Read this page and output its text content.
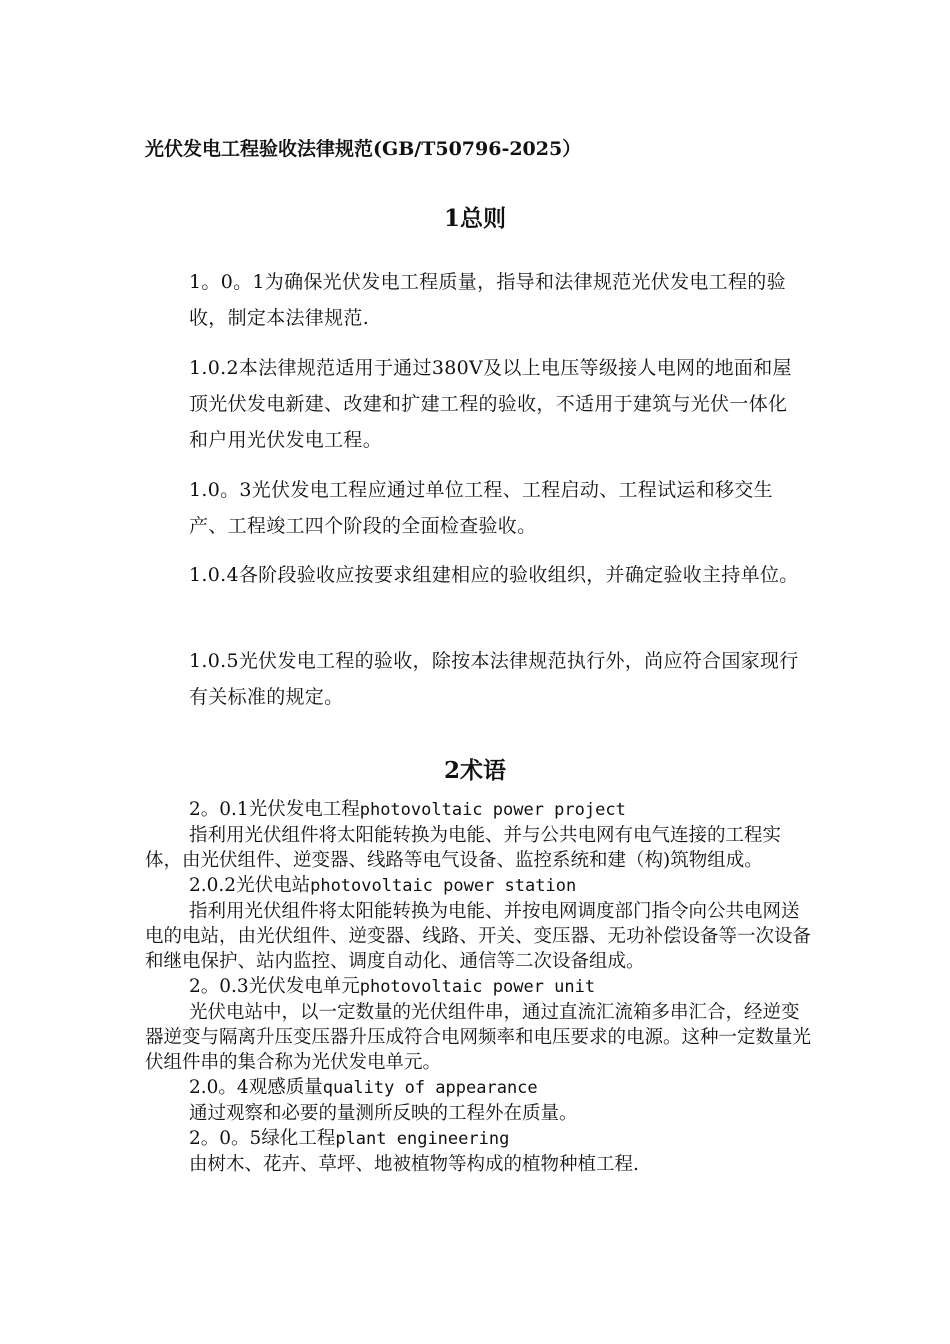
光伏发电工程验收法律规范(GB/T50796-2025）
1总则
1。0。1为确保光伏发电工程质量，指导和法律规范光伏发电工程的验收，制定本法律规范.
1.0.2本法律规范适用于通过380V及以上电压等级接人电网的地面和屋顶光伏发电新建、改建和扩建工程的验收，不适用于建筑与光伏一体化和户用光伏发电工程。
1.0。3光伏发电工程应通过单位工程、工程启动、工程试运和移交生产、工程竣工四个阶段的全面检查验收。
1.0.4各阶段验收应按要求组建相应的验收组织，并确定验收主持单位。
1.0.5光伏发电工程的验收，除按本法律规范执行外，尚应符合国家现行有关标准的规定。
2术语
2。0.1光伏发电工程photovoltaic power project
指利用光伏组件将太阳能转换为电能、并与公共电网有电气连接的工程实体，由光伏组件、逆变器、线路等电气设备、监控系统和建（构)筑物组成。
2.0.2光伏电站photovoltaic power station
指利用光伏组件将太阳能转换为电能、并按电网调度部门指令向公共电网送电的电站，由光伏组件、逆变器、线路、开关、变压器、无功补偿设备等一次设备和继电保护、站内监控、调度自动化、通信等二次设备组成。
2。0.3光伏发电单元photovoltaic power unit
光伏电站中，以一定数量的光伏组件串，通过直流汇流箱多串汇合，经逆变器逆变与隔离升压变压器升压成符合电网频率和电压要求的电源。这种一定数量光伏组件串的集合称为光伏发电单元。
2.0。4观感质量quality of appearance
通过观察和必要的量测所反映的工程外在质量。
2。0。5绿化工程plant engineering
由树木、花卉、草坪、地被植物等构成的植物种植工程.
